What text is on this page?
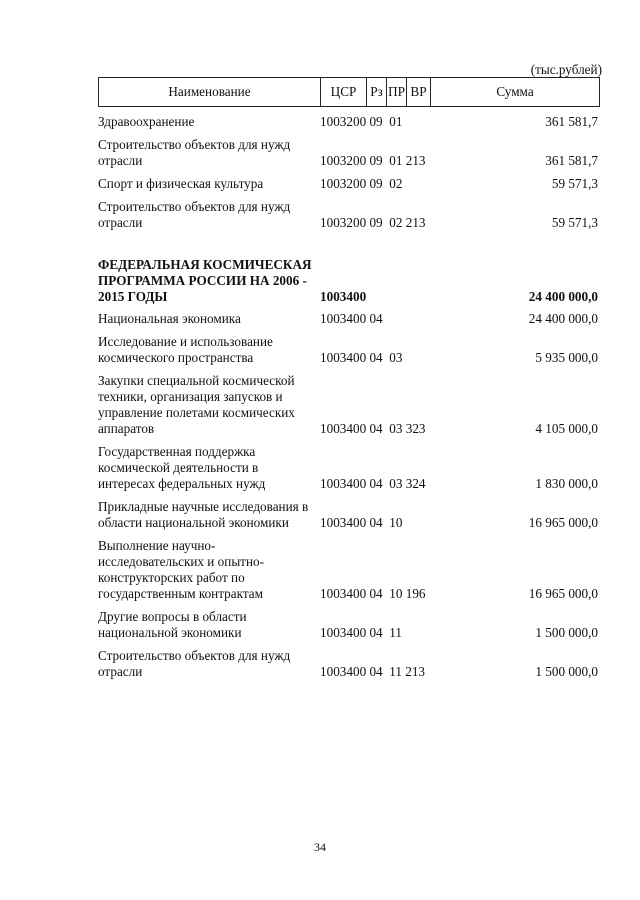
(тыс.рублей)
Наименование	ЦСР	Рз ПР ВР	Сумма
Здравоохранение	1003200 09  01	361 581,7
Строительство объектов для нужд отрасли	1003200 09  01 213	361 581,7
Спорт и физическая культура	1003200 09  02	59 571,3
Строительство объектов для нужд отрасли	1003200 09  02 213	59 571,3
ФЕДЕРАЛЬНАЯ КОСМИЧЕСКАЯ ПРОГРАММА РОССИИ НА 2006 - 2015 ГОДЫ	1003400	24 400 000,0
Национальная экономика	1003400 04	24 400 000,0
Исследование и использование космического пространства	1003400 04  03	5 935 000,0
Закупки специальной космической техники, организация запусков и управление полетами космических аппаратов	1003400 04  03 323	4 105 000,0
Государственная поддержка космической деятельности в интересах федеральных нужд	1003400 04  03 324	1 830 000,0
Прикладные научные исследования в области национальной экономики	1003400 04  10	16 965 000,0
Выполнение научно-исследовательских и опытно-конструкторских работ по государственным контрактам	1003400 04  10 196	16 965 000,0
Другие вопросы в области национальной экономики	1003400 04  11	1 500 000,0
Строительство объектов для нужд отрасли	1003400 04  11 213	1 500 000,0
34
